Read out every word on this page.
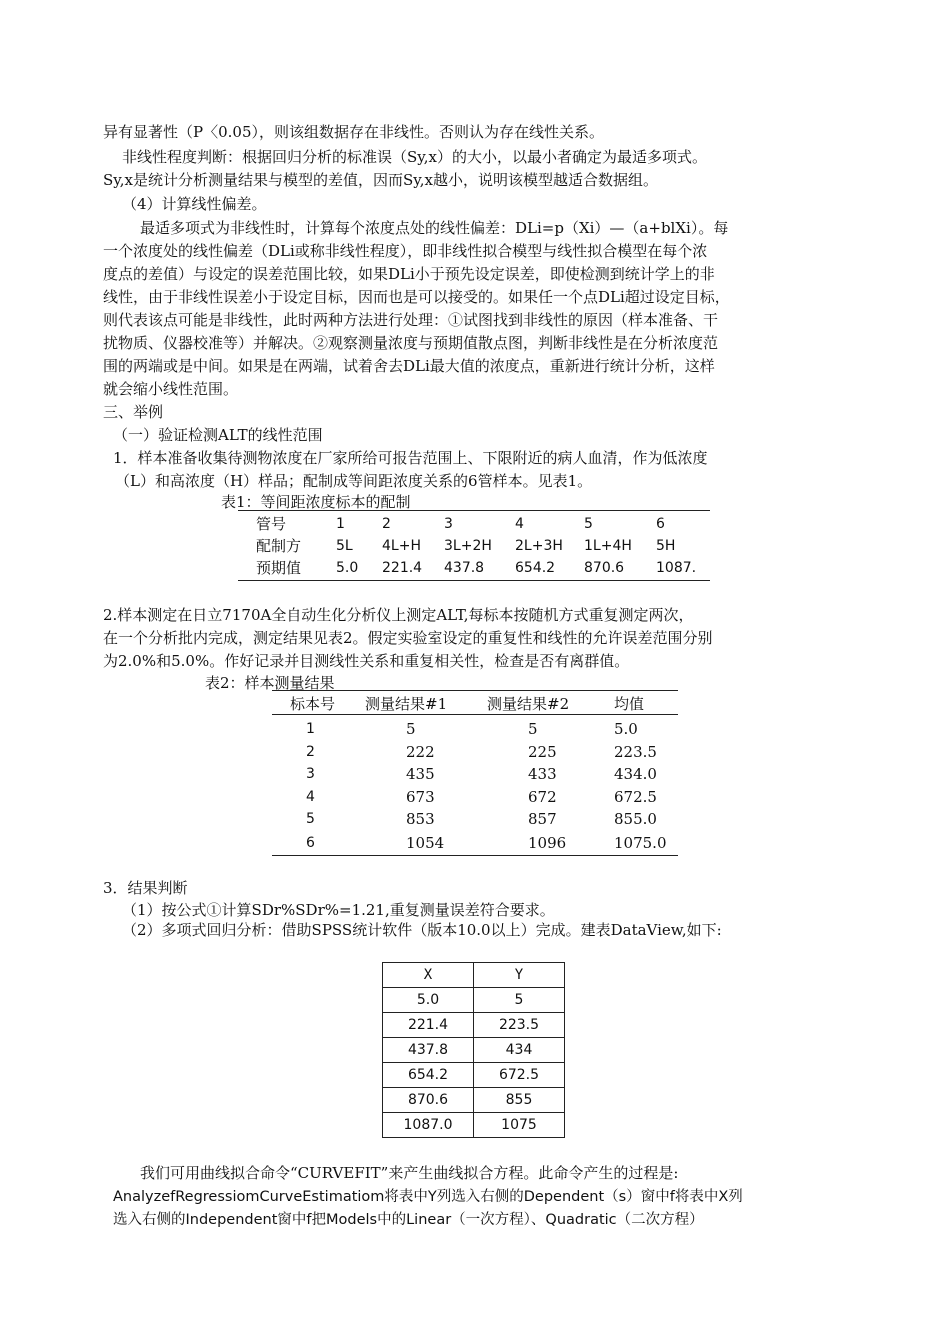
异有显著性（P〈0.05），则该组数据存在非线性。否则认为存在线性关系。
非线性程度判断：根据回归分析的标准误（Sy,x）的大小，以最小者确定为最适多项式。
Sy,x是统计分析测量结果与模型的差值，因而Sy,x越小，说明该模型越适合数据组。
（4）计算线性偏差。
最适多项式为非线性时，计算每个浓度点处的线性偏差：DLi=p（Xi）—（a+blXi）。每
一个浓度处的线性偏差（DLi或称非线性程度），即非线性拟合模型与线性拟合模型在每个浓
度点的差值）与设定的误差范围比较，如果DLi小于预先设定误差，即使检测到统计学上的非
线性，由于非线性误差小于设定目标，因而也是可以接受的。如果任一个点DLi超过设定目标，
则代表该点可能是非线性，此时两种方法进行处理：①试图找到非线性的原因（样本准备、干
扰物质、仪器校准等）并解决。②观察测量浓度与预期值散点图，判断非线性是在分析浓度范
围的两端或是中间。如果是在两端，试着舍去DLi最大值的浓度点，重新进行统计分析，这样
就会缩小线性范围。
三、举例
（一）验证检测ALT的线性范围
1．样本准备收集待测物浓度在厂家所给可报告范围上、下限附近的病人血清，作为低浓度
（L）和高浓度（H）样品；配制成等间距浓度关系的6管样本。见表1。
表1：等间距浓度标本的配制
管号	1	2	3	4	5	6
配制方 5L 4L+H 3L+2H 2L+3H 1L+4H 5H
预期值 5.0 221.4 437.8 654.2 870.6 1087.
2.样本测定在日立7170A全自动生化分析仪上测定ALT,每标本按随机方式重复测定两次，
在一个分析批内完成，测定结果见表2。假定实验室设定的重复性和线性的允许误差范围分别
为2.0%和5.0%。作好记录并目测线性关系和重复相关性，检查是否有离群值。
表2：样本测量结果
标本号 测量结果#1	测量结果#2	均值
1	5	5	5.0
2	222	225	223.5
3	435	433	434.0
4	673	672	672.5
5	853	857	855.0
6	1054	1096	1075.0
3．结果判断
（1）按公式①计算SDr%SDr%=1.21,重复测量误差符合要求。
（2）多项式回归分析：借助SPSS统计软件（版本10.0以上）完成。建表DataView,如下:
X	Y
5.0	5
221.4	223.5
437.8	434
654.2	672.5
870.6	855
1087.0	1075
我们可用曲线拟合命令“CURVEFIT”来产生曲线拟合方程。此命令产生的过程是:
AnalyzefRegressiomCurveEstimatiom将表中Y列选入右侧的Dependent（s）窗中f将表中X列
选入右侧的Independent窗中f把Models中的Linear（一次方程）、Quadratic（二次方程）
